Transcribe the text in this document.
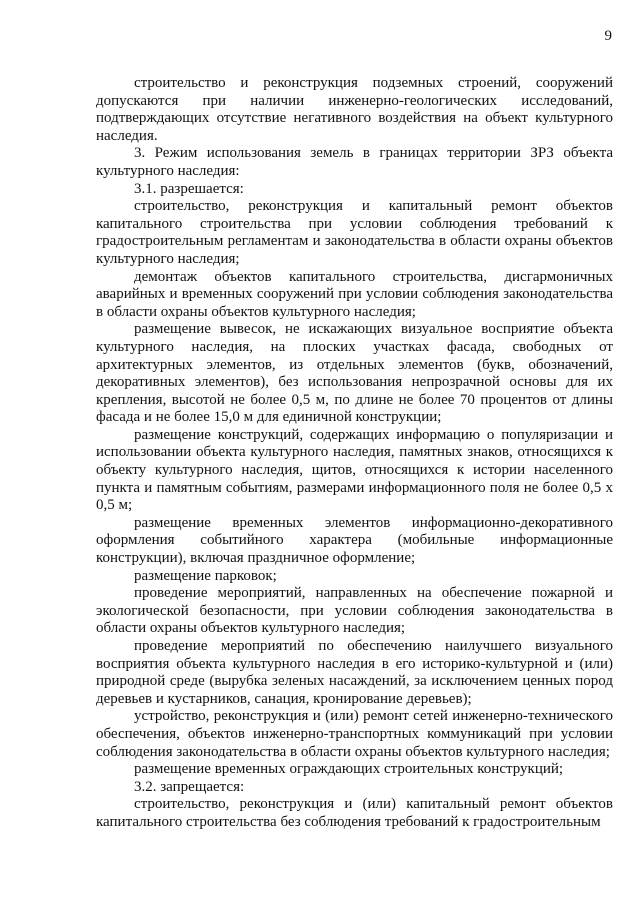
9

строительство и реконструкция подземных строений, сооружений допускаются при наличии инженерно-геологических исследований, подтверждающих отсутствие негативного воздействия на объект культурного наследия.

3. Режим использования земель в границах территории ЗРЗ объекта культурного наследия:

3.1. разрешается:

строительство, реконструкция и капитальный ремонт объектов капитального строительства при условии соблюдения требований к градостроительным регламентам и законодательства в области охраны объектов культурного наследия;

демонтаж объектов капитального строительства, дисгармоничных аварийных и временных сооружений при условии соблюдения законодательства в области охраны объектов культурного наследия;

размещение вывесок, не искажающих визуальное восприятие объекта культурного наследия, на плоских участках фасада, свободных от архитектурных элементов, из отдельных элементов (букв, обозначений, декоративных элементов), без использования непрозрачной основы для их крепления, высотой не более 0,5 м, по длине не более 70 процентов от длины фасада и не более 15,0 м для единичной конструкции;

размещение конструкций, содержащих информацию о популяризации и использовании объекта культурного наследия, памятных знаков, относящихся к объекту культурного наследия, щитов, относящихся к истории населенного пункта и памятным событиям, размерами информационного поля не более 0,5 х 0,5 м;

размещение временных элементов информационно-декоративного оформления событийного характера (мобильные информационные конструкции), включая праздничное оформление;

размещение парковок;

проведение мероприятий, направленных на обеспечение пожарной и экологической безопасности, при условии соблюдения законодательства в области охраны объектов культурного наследия;

проведение мероприятий по обеспечению наилучшего визуального восприятия объекта культурного наследия в его историко-культурной и (или) природной среде (вырубка зеленых насаждений, за исключением ценных пород деревьев и кустарников, санация, кронирование деревьев);

устройство, реконструкция и (или) ремонт сетей инженерно-технического обеспечения, объектов инженерно-транспортных коммуникаций при условии соблюдения законодательства в области охраны объектов культурного наследия;

размещение временных ограждающих строительных конструкций;

3.2. запрещается:

строительство, реконструкция и (или) капитальный ремонт объектов капитального строительства без соблюдения требований к градостроительным
